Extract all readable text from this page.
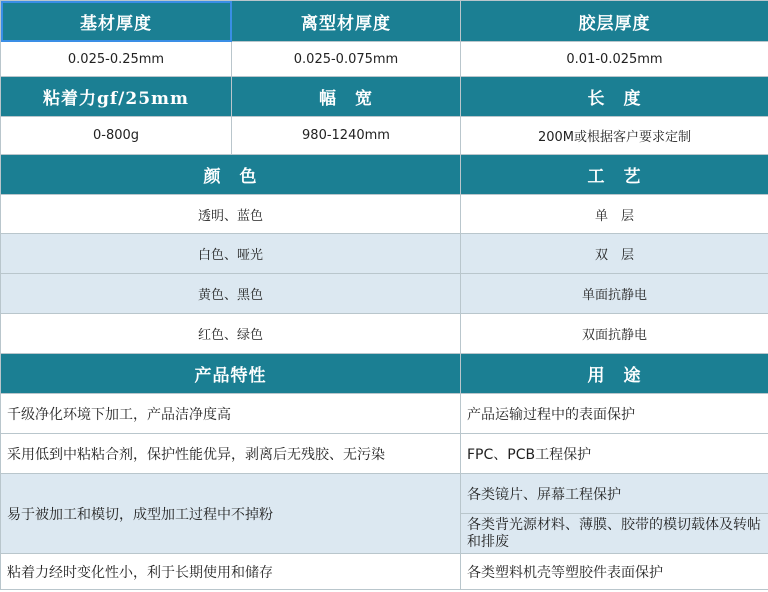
基材厚度	离型材厚度	胶层厚度
0.025-0.25mm	0.025-0.075mm	0.01-0.025mm
粘着力gf/25mm	幅　宽	长　度
0-800g	980-1240mm	200M或根据客户要求定制
颜　色		工　艺
透明、蓝色		单　层
白色、哑光		双　层
黄色、黑色		单面抗静电
红色、绿色		双面抗静电
产品特性		用　途
千级净化环境下加工，产品洁净度高		产品运输过程中的表面保护
采用低到中粘粘合剂，保护性能优异，剥离后无残胶、无污染		FPC、PCB工程保护
易于被加工和模切，成型加工过程中不掉粉		各类镜片、屏幕工程保护
		各类背光源材料、薄膜、胶带的模切载体及转帖和排废
粘着力经时变化性小，利于长期使用和储存		各类塑料机壳等塑胶件表面保护
